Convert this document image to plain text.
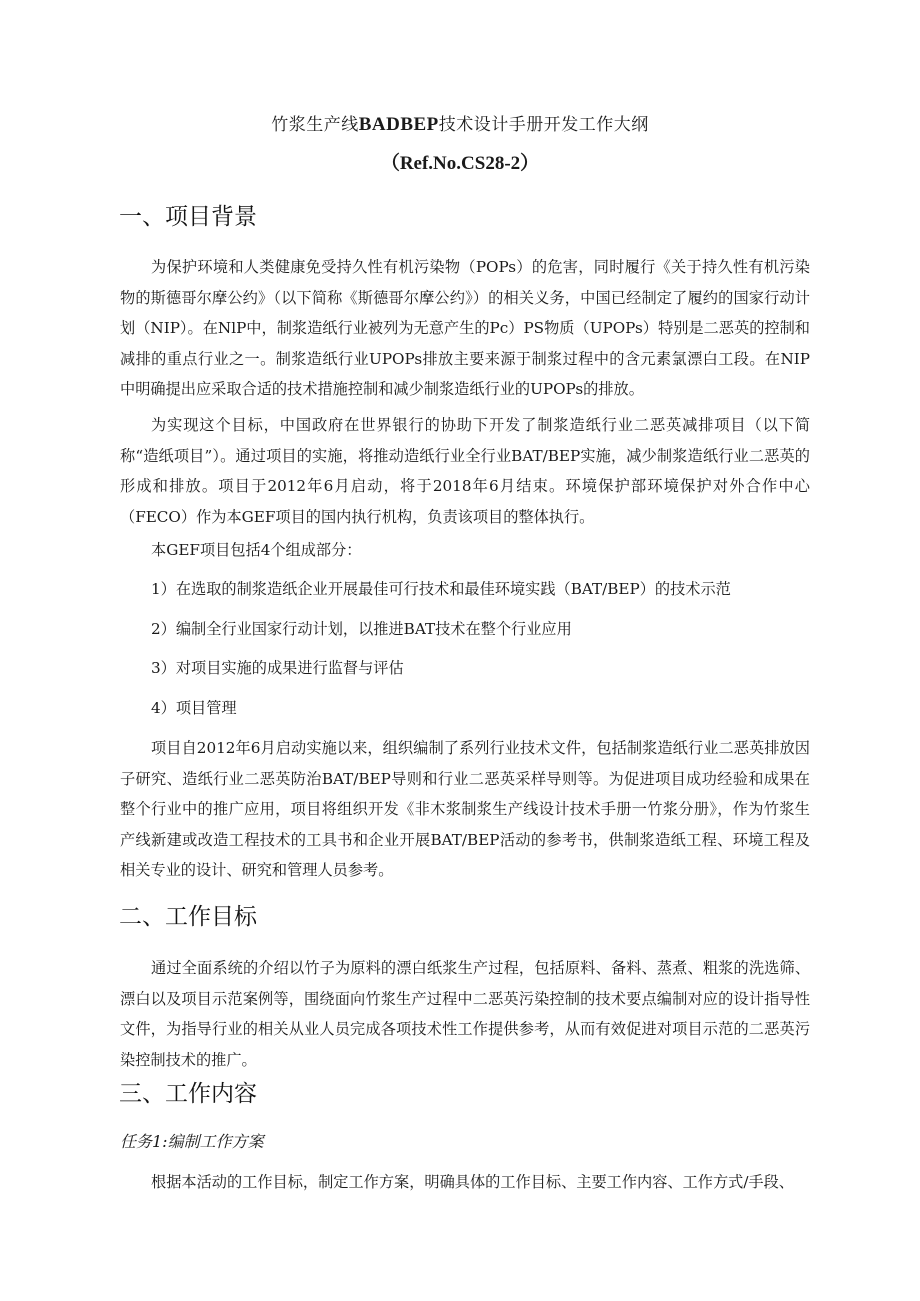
竹浆生产线BADBEP技术设计手册开发工作大纲
（Ref.No.CS28-2）
一、项目背景

为保护环境和人类健康免受持久性有机污染物（POPs）的危害，同时履行《关于持久性有机污染物的斯德哥尔摩公约》（以下简称《斯德哥尔摩公约》）的相关义务，中国已经制定了履约的国家行动计划（NIP）。在NlP中，制浆造纸行业被列为无意产生的Pc）PS物质（UPOPs）特别是二恶英的控制和减排的重点行业之一。制浆造纸行业UPOPs排放主要来源于制浆过程中的含元素氯漂白工段。在NIP中明确提出应采取合适的技术措施控制和减少制浆造纸行业的UPOPs的排放。

为实现这个目标，中国政府在世界银行的协助下开发了制浆造纸行业二恶英减排项目（以下简称“造纸项目”）。通过项目的实施，将推动造纸行业全行业BAT/BEP实施，减少制浆造纸行业二恶英的形成和排放。项目于2012年6月启动，将于2018年6月结束。环境保护部环境保护对外合作中心（FECO）作为本GEF项目的国内执行机构，负责该项目的整体执行。

本GEF项目包括4个组成部分：

1）在选取的制浆造纸企业开展最佳可行技术和最佳环境实践（BAT/BEP）的技术示范

2）编制全行业国家行动计划，以推进BAT技术在整个行业应用

3）对项目实施的成果进行监督与评估

4）项目管理

项目自2012年6月启动实施以来，组织编制了系列行业技术文件，包括制浆造纸行业二恶英排放因子研究、造纸行业二恶英防治BAT/BEP导则和行业二恶英采样导则等。为促进项目成功经验和成果在整个行业中的推广应用，项目将组织开发《非木浆制浆生产线设计技术手册一竹浆分册》，作为竹浆生产线新建或改造工程技术的工具书和企业开展BAT/BEP活动的参考书，供制浆造纸工程、环境工程及相关专业的设计、研究和管理人员参考。

二、工作目标

通过全面系统的介绍以竹子为原料的漂白纸浆生产过程，包括原料、备料、蒸煮、粗浆的洗选筛、漂白以及项目示范案例等，围绕面向竹浆生产过程中二恶英污染控制的技术要点编制对应的设计指导性文件，为指导行业的相关从业人员完成各项技术性工作提供参考，从而有效促进对项目示范的二恶英污染控制技术的推广。

三、工作内容

任务1:编制工作方案

根据本活动的工作目标，制定工作方案，明确具体的工作目标、主要工作内容、工作方式/手段、
